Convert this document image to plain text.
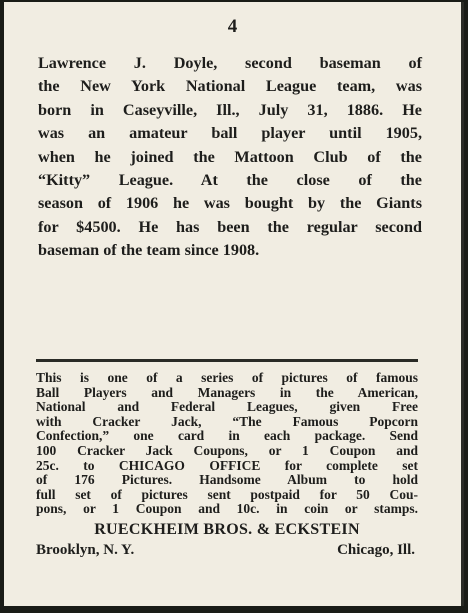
4
Lawrence J. Doyle, second baseman of
the New York National League team, was
born in Caseyville, Ill., July 31, 1886. He
was an amateur ball player until 1905,
when he joined the Mattoon Club of the
“Kitty” League. At the close of the
season of 1906 he was bought by the Giants
for $4500. He has been the regular second
baseman of the team since 1908.
This is one of a series of pictures of famous
Ball Players and Managers in the American,
National and Federal Leagues, given Free
with Cracker Jack, “The Famous Popcorn
Confection,” one card in each package. Send
100 Cracker Jack Coupons, or 1 Coupon and
25c. to CHICAGO OFFICE for complete set
of 176 Pictures. Handsome Album to hold
full set of pictures sent postpaid for 50 Cou-
pons, or 1 Coupon and 10c. in coin or stamps.
RUECKHEIM BROS. & ECKSTEIN
Brooklyn, N. Y.	Chicago, Ill.
